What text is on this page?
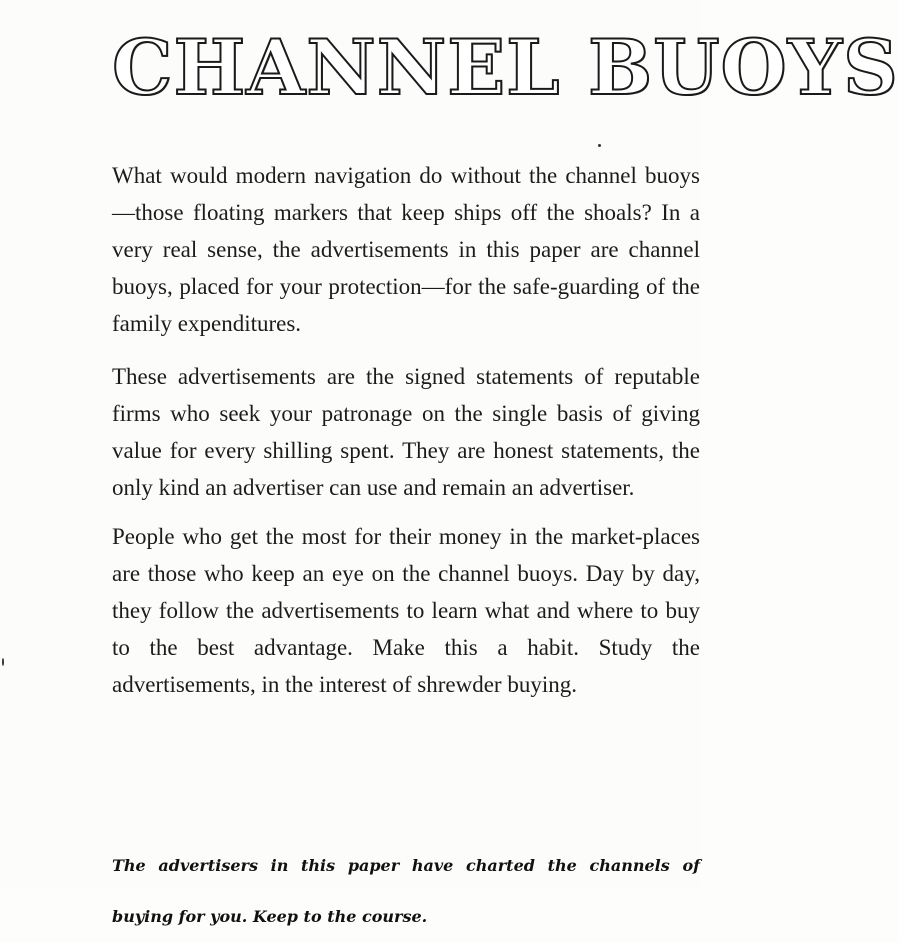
CHANNEL BUOYS

What would modern navigation do without the channel buoys—those floating markers that keep ships off the shoals? In a very real sense, the advertisements in this paper are channel buoys, placed for your protection—for the safe-guarding of the family expenditures.

These advertisements are the signed statements of reputable firms who seek your patronage on the single basis of giving value for every shilling spent. They are honest statements, the only kind an advertiser can use and remain an advertiser.

People who get the most for their money in the market-places are those who keep an eye on the channel buoys. Day by day, they follow the advertisements to learn what and where to buy to the best advantage. Make this a habit. Study the advertisements, in the interest of shrewder buying.

The advertisers in this paper have charted the channels of buying for you. Keep to the course.
